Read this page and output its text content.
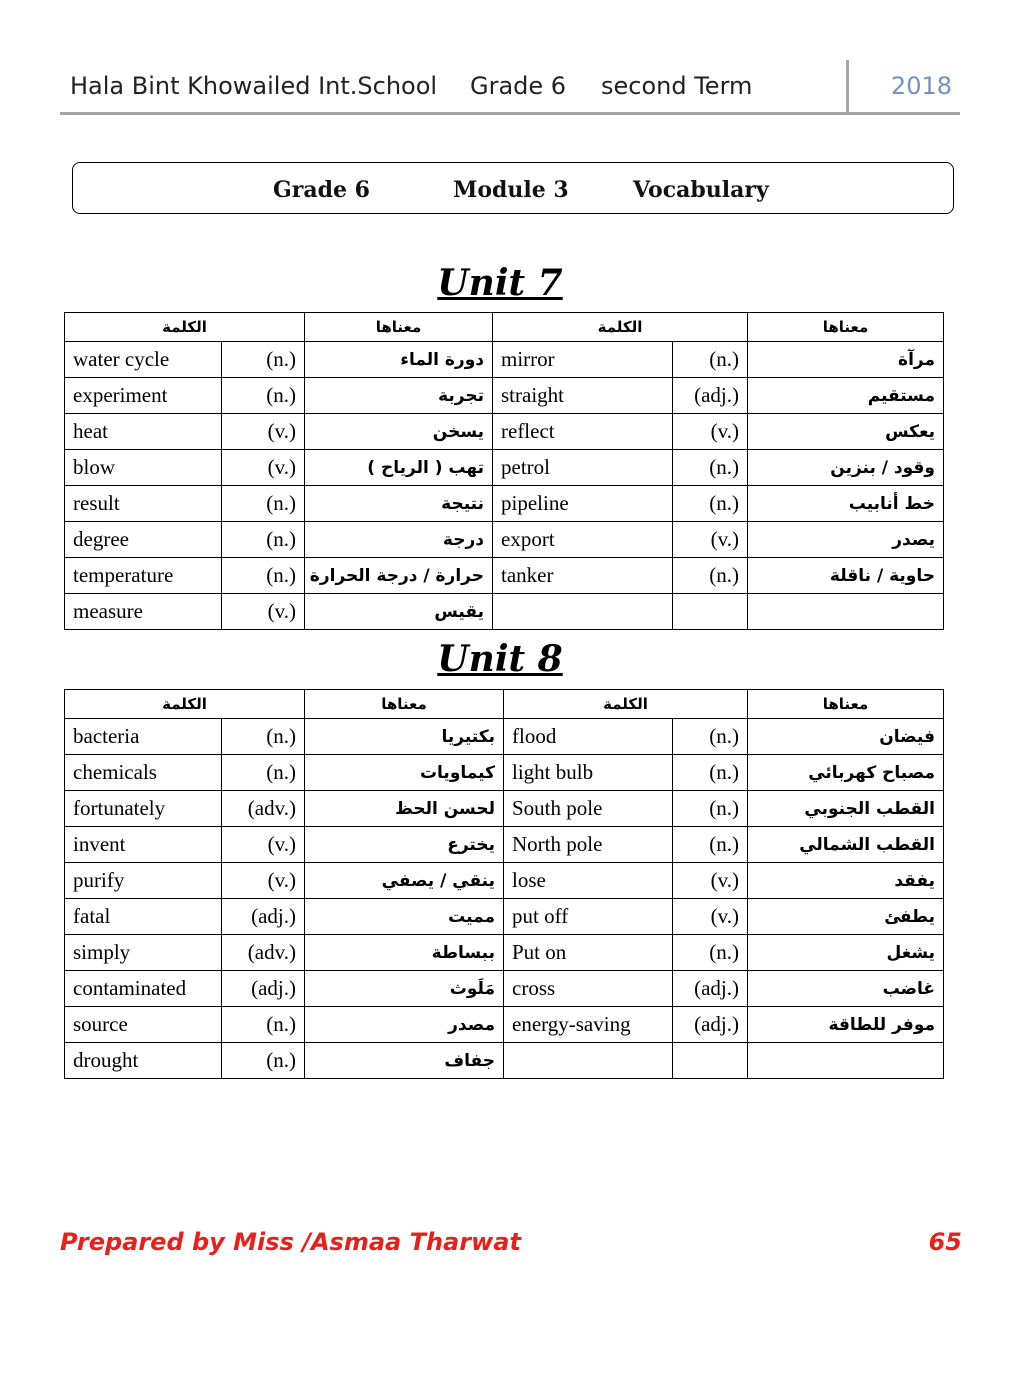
Hala Bint Khowailed Int.School Grade 6 second Term	2018
Grade 6	Module 3	Vocabulary
Unit 7
الكلمة		معناها	الكلمة		معناها
water cycle	(n.)	دورة الماء	mirror	(n.)	مرآة
experiment	(n.)	تجربة	straight	(adj.)	مستقيم
heat	(v.)	يسخن	reflect	(v.)	يعكس
blow	(v.)	تهب ( الرياح )	petrol	(n.)	وقود / بنزين
result	(n.)	نتيجة	pipeline	(n.)	خط أنابيب
degree	(n.)	درجة	export	(v.)	يصدر
temperature	(n.)	حرارة / درجة الحرارة	tanker	(n.)	حاوية / ناقلة
measure	(v.)	يقيس			
Unit 8
الكلمة		معناها	الكلمة		معناها
bacteria	(n.)	بكتيريا	flood	(n.)	فيضان
chemicals	(n.)	كيماويات	light bulb	(n.)	مصباح كهربائي
fortunately	(adv.)	لحسن الحظ	South pole	(n.)	القطب الجنوبي
invent	(v.)	يخترع	North pole	(n.)	القطب الشمالي
purify	(v.)	ينقي / يصفي	lose	(v.)	يفقد
fatal	(adj.)	مميت	put off	(v.)	يطفئ
simply	(adv.)	ببساطة	Put on	(n.)	يشغل
contaminated	(adj.)	مَلَوث	cross	(adj.)	غاضب
source	(n.)	مصدر	energy-saving	(adj.)	موفر للطاقة
drought	(n.)	جفاف			
Prepared by Miss /Asmaa Tharwat	65
